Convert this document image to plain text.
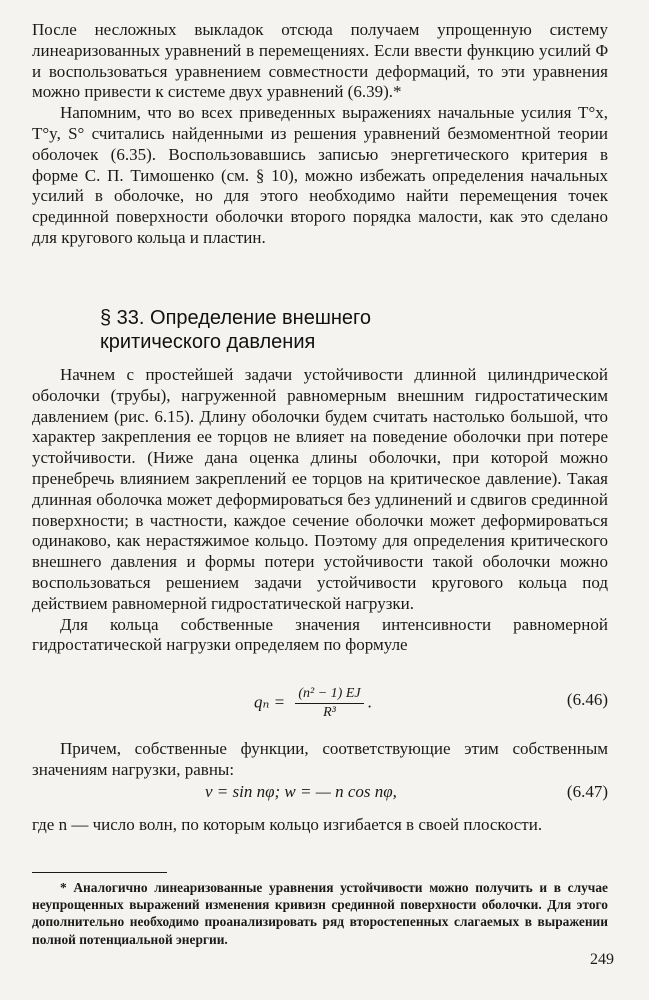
После несложных выкладок отсюда получаем упрощенную систему линеаризованных уравнений в перемещениях. Если ввести функцию усилий Φ и воспользоваться уравнением совместности деформаций, то эти уравнения можно привести к системе двух уравнений (6.39).*

Напомним, что во всех приведенных выражениях начальные усилия T°x, T°y, S° считались найденными из решения уравнений безмоментной теории оболочек (6.35). Воспользовавшись записью энергетического критерия в форме С. П. Тимошенко (см. § 10), можно избежать определения начальных усилий в оболочке, но для этого необходимо найти перемещения точек срединной поверхности оболочки второго порядка малости, как это сделано для кругового кольца и пластин.

§ 33. Определение внешнего
критического давления

Начнем с простейшей задачи устойчивости длинной цилиндрической оболочки (трубы), нагруженной равномерным внешним гидростатическим давлением (рис. 6.15). Длину оболочки будем считать настолько большой, что характер закрепления ее торцов не влияет на поведение оболочки при потере устойчивости. (Ниже дана оценка длины оболочки, при которой можно пренебречь влиянием закреплений ее торцов на критическое давление). Такая длинная оболочка может деформироваться без удлинений и сдвигов срединной поверхности; в частности, каждое сечение оболочки может деформироваться одинаково, как нерастяжимое кольцо. Поэтому для определения критического внешнего давления и формы потери устойчивости такой оболочки можно воспользоваться решением задачи устойчивости кругового кольца под действием равномерной гидростатической нагрузки.

Для кольца собственные значения интенсивности равномерной гидростатической нагрузки определяем по формуле

$q_n = \frac{\text{(n² − 1) EJ}}{\text{R³}}$ .	(6.46)

Причем, собственные функции, соответствующие этим собственным значениям нагрузки, равны:

v = sin nφ; w = — n cos nφ,	(6.47)

где n — число волн, по которым кольцо изгибается в своей плоскости.

* Аналогично линеаризованные уравнения устойчивости можно получить и в случае неупрощенных выражений изменения кривизн срединной поверхности оболочки. Для этого дополнительно необходимо проанализировать ряд второстепенных слагаемых в выражении полной потенциальной энергии.

249
